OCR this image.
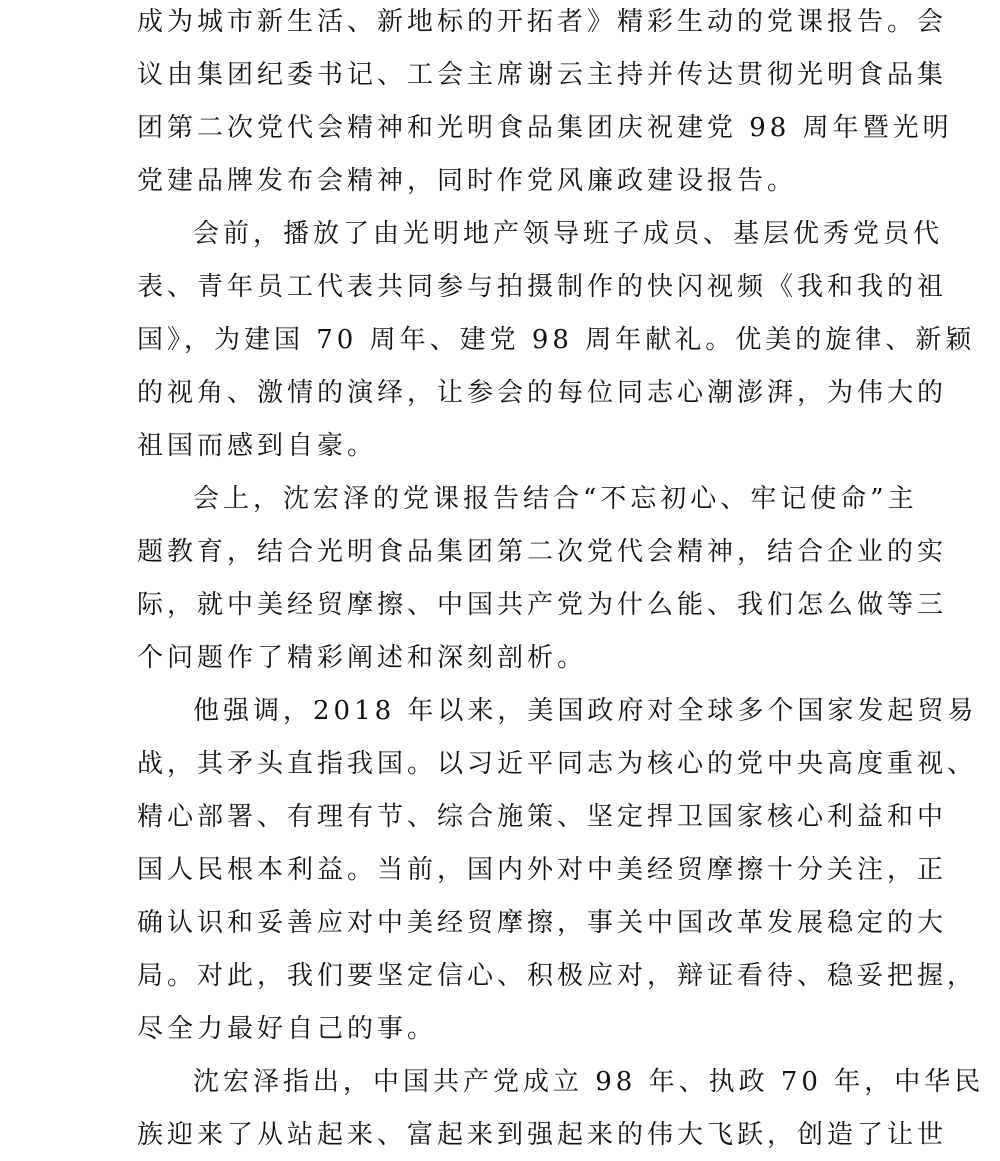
成为城市新生活、新地标的开拓者》精彩生动的党课报告。会
议由集团纪委书记、工会主席谢云主持并传达贯彻光明食品集
团第二次党代会精神和光明食品集团庆祝建党 98 周年暨光明
党建品牌发布会精神，同时作党风廉政建设报告。
会前，播放了由光明地产领导班子成员、基层优秀党员代
表、青年员工代表共同参与拍摄制作的快闪视频《我和我的祖
国》，为建国 70 周年、建党 98 周年献礼。优美的旋律、新颖
的视角、激情的演绎，让参会的每位同志心潮澎湃，为伟大的
祖国而感到自豪。
会上，沈宏泽的党课报告结合“不忘初心、牢记使命”主
题教育，结合光明食品集团第二次党代会精神，结合企业的实
际，就中美经贸摩擦、中国共产党为什么能、我们怎么做等三
个问题作了精彩阐述和深刻剖析。
他强调，2018 年以来，美国政府对全球多个国家发起贸易
战，其矛头直指我国。以习近平同志为核心的党中央高度重视、
精心部署、有理有节、综合施策、坚定捍卫国家核心利益和中
国人民根本利益。当前，国内外对中美经贸摩擦十分关注，正
确认识和妥善应对中美经贸摩擦，事关中国改革发展稳定的大
局。对此，我们要坚定信心、积极应对，辩证看待、稳妥把握，
尽全力最好自己的事。
沈宏泽指出，中国共产党成立 98 年、执政 70 年，中华民
族迎来了从站起来、富起来到强起来的伟大飞跃，创造了让世
